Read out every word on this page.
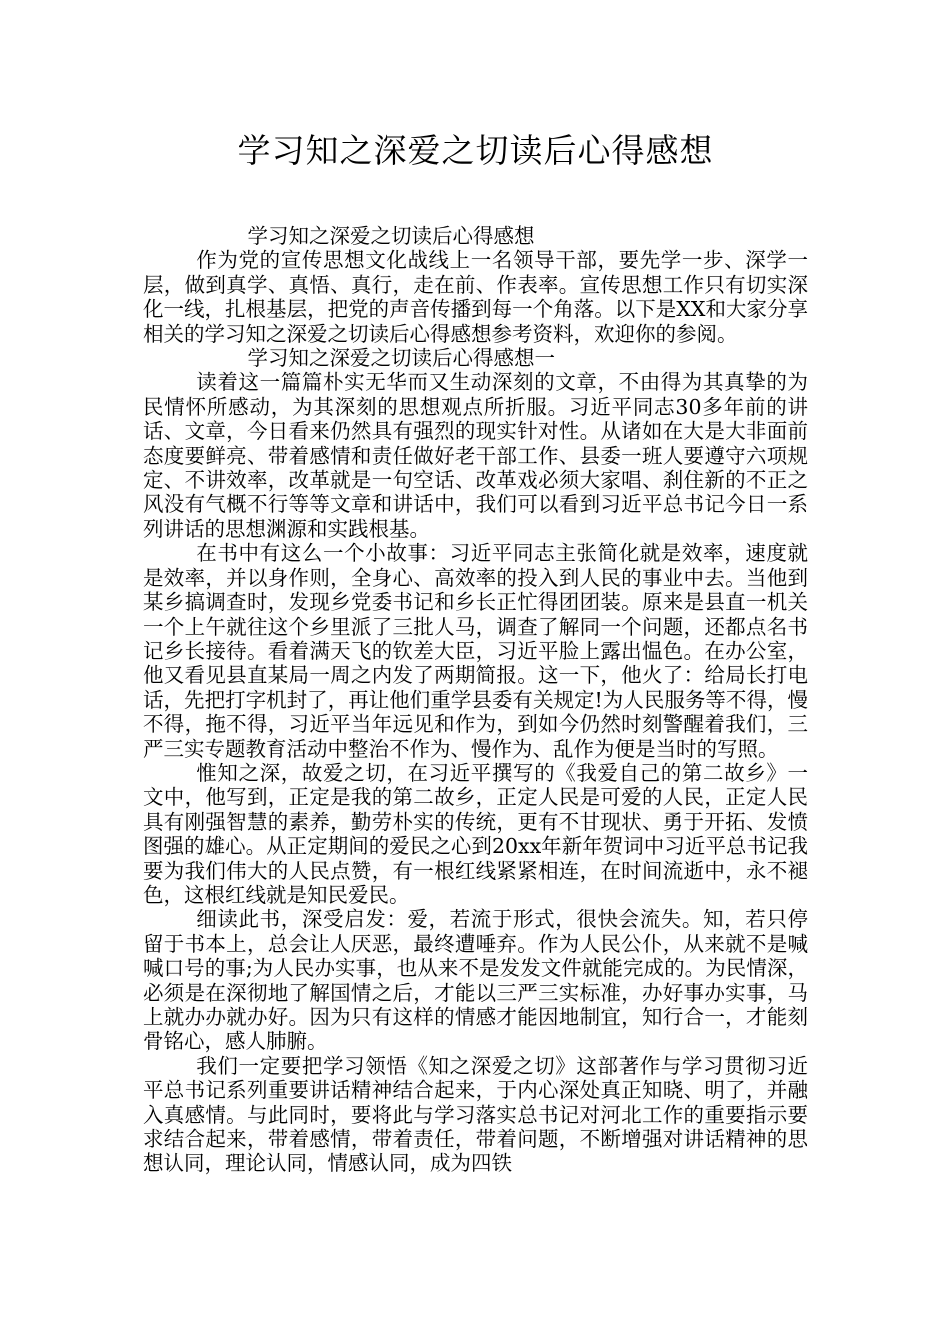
学习知之深爱之切读后心得感想

学习知之深爱之切读后心得感想

作为党的宣传思想文化战线上一名领导干部，要先学一步、深学一层，做到真学、真悟、真行，走在前、作表率。宣传思想工作只有切实深化一线，扎根基层，把党的声音传播到每一个角落。以下是XX和大家分享相关的学习知之深爱之切读后心得感想参考资料，欢迎你的参阅。

学习知之深爱之切读后心得感想一

读着这一篇篇朴实无华而又生动深刻的文章，不由得为其真挚的为民情怀所感动，为其深刻的思想观点所折服。习近平同志30多年前的讲话、文章，今日看来仍然具有强烈的现实针对性。从诸如在大是大非面前态度要鲜亮、带着感情和责任做好老干部工作、县委一班人要遵守六项规定、不讲效率，改革就是一句空话、改革戏必须大家唱、刹住新的不正之风没有气概不行等等文章和讲话中，我们可以看到习近平总书记今日一系列讲话的思想渊源和实践根基。

在书中有这么一个小故事：习近平同志主张简化就是效率，速度就是效率，并以身作则，全身心、高效率的投入到人民的事业中去。当他到某乡搞调查时，发现乡党委书记和乡长正忙得团团装。原来是县直一机关一个上午就往这个乡里派了三批人马，调查了解同一个问题，还都点名书记乡长接待。看着满天飞的钦差大臣，习近平脸上露出愠色。在办公室，他又看见县直某局一周之内发了两期简报。这一下，他火了：给局长打电话，先把打字机封了，再让他们重学县委有关规定!为人民服务等不得，慢不得，拖不得，习近平当年远见和作为，到如今仍然时刻警醒着我们，三严三实专题教育活动中整治不作为、慢作为、乱作为便是当时的写照。

惟知之深，故爱之切，在习近平撰写的《我爱自己的第二故乡》一文中，他写到，正定是我的第二故乡，正定人民是可爱的人民，正定人民具有刚强智慧的素养，勤劳朴实的传统，更有不甘现状、勇于开拓、发愤图强的雄心。从正定期间的爱民之心到20xx年新年贺词中习近平总书记我要为我们伟大的人民点赞，有一根红线紧紧相连，在时间流逝中，永不褪色，这根红线就是知民爱民。

细读此书，深受启发：爱，若流于形式，很快会流失。知，若只停留于书本上，总会让人厌恶，最终遭唾弃。作为人民公仆，从来就不是喊喊口号的事;为人民办实事，也从来不是发发文件就能完成的。为民情深，必须是在深彻地了解国情之后，才能以三严三实标准，办好事办实事，马上就办办就办好。因为只有这样的情感才能因地制宜，知行合一，才能刻骨铭心，感人肺腑。

我们一定要把学习领悟《知之深爱之切》这部著作与学习贯彻习近平总书记系列重要讲话精神结合起来，于内心深处真正知晓、明了，并融入真感情。与此同时，要将此与学习落实总书记对河北工作的重要指示要求结合起来，带着感情，带着责任，带着问题，不断增强对讲话精神的思想认同，理论认同，情感认同，成为四铁
